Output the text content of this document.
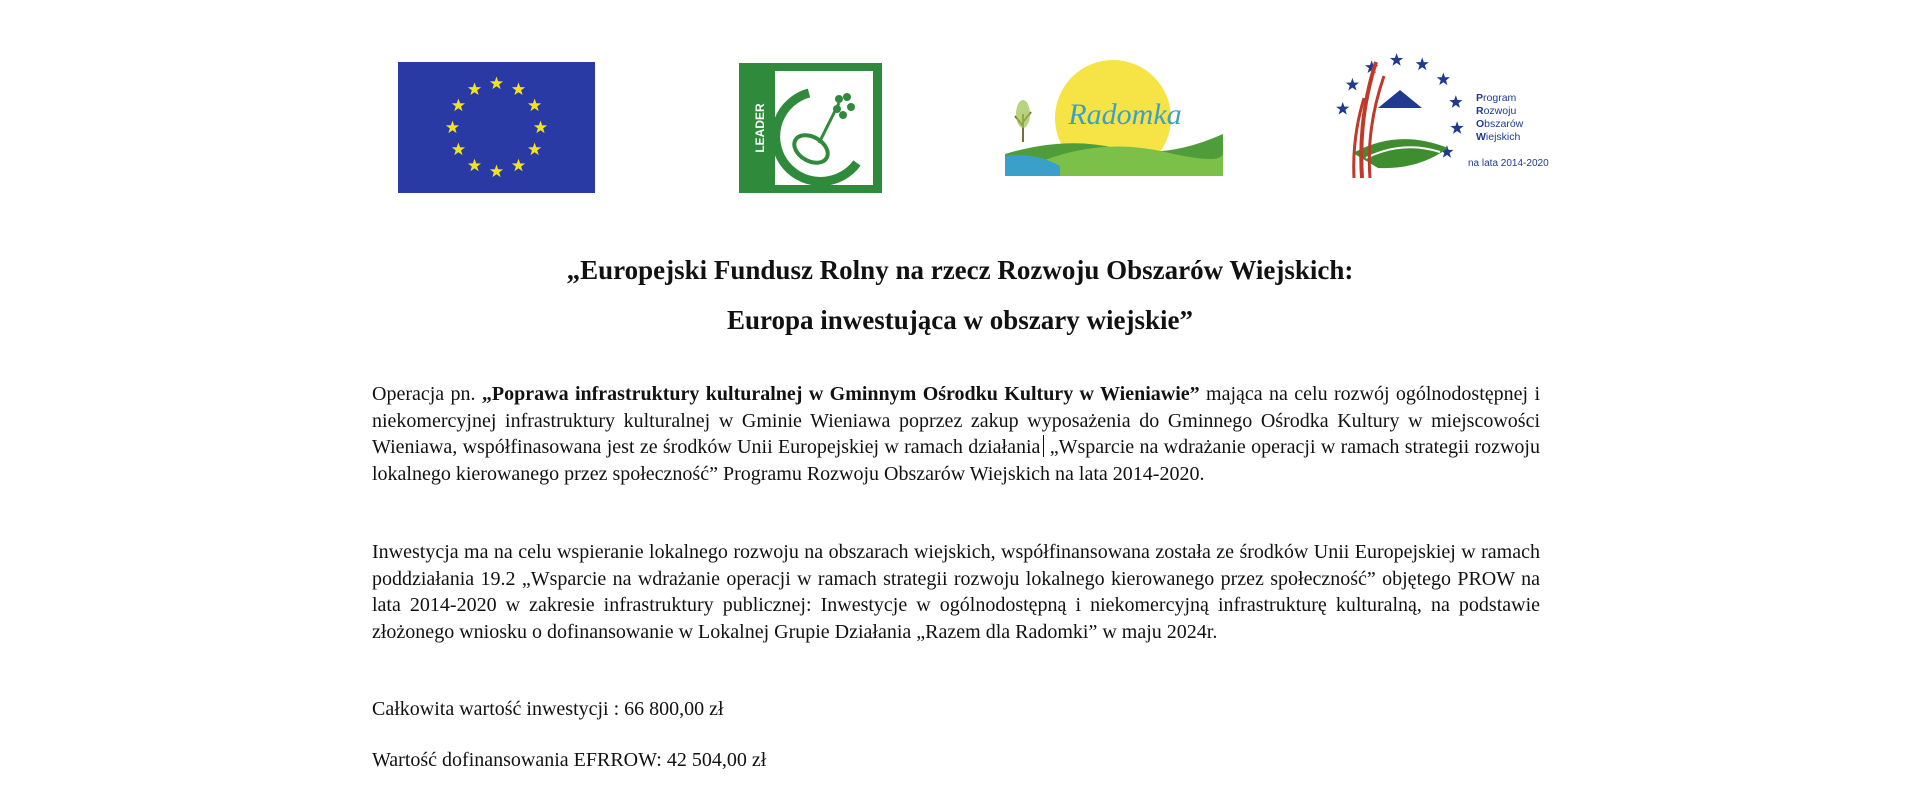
LEADER	Radomka	Program
Rozwoju
Obszarów
Wiejskich
na lata 2014-2020
„Europejski Fundusz Rolny na rzecz Rozwoju Obszarów Wiejskich:
Europa inwestująca w obszary wiejskie”

Operacja pn. „Poprawa infrastruktury kulturalnej w Gminnym Ośrodku Kultury w Wieniawie” mająca na celu rozwój ogólnodostępnej i niekomercyjnej infrastruktury kulturalnej w Gminie Wieniawa poprzez zakup wyposażenia do Gminnego Ośrodka Kultury w miejscowości Wieniawa, współfinasowana jest ze środków Unii Europejskiej w ramach działania „Wsparcie na wdrażanie operacji w ramach strategii rozwoju lokalnego kierowanego przez społeczność” Programu Rozwoju Obszarów Wiejskich na lata 2014-2020.

Inwestycja ma na celu wspieranie lokalnego rozwoju na obszarach wiejskich, współfinansowana została ze środków Unii Europejskiej w ramach poddziałania 19.2 „Wsparcie na wdrażanie operacji w ramach strategii rozwoju lokalnego kierowanego przez społeczność” objętego PROW na lata 2014-2020 w zakresie infrastruktury publicznej: Inwestycje w ogólnodostępną i niekomercyjną infrastrukturę kulturalną, na podstawie złożonego wniosku o dofinansowanie w Lokalnej Grupie Działania „Razem dla Radomki” w maju 2024r.

Całkowita wartość inwestycji : 66 800,00 zł

Wartość dofinansowania EFRROW: 42 504,00 zł
